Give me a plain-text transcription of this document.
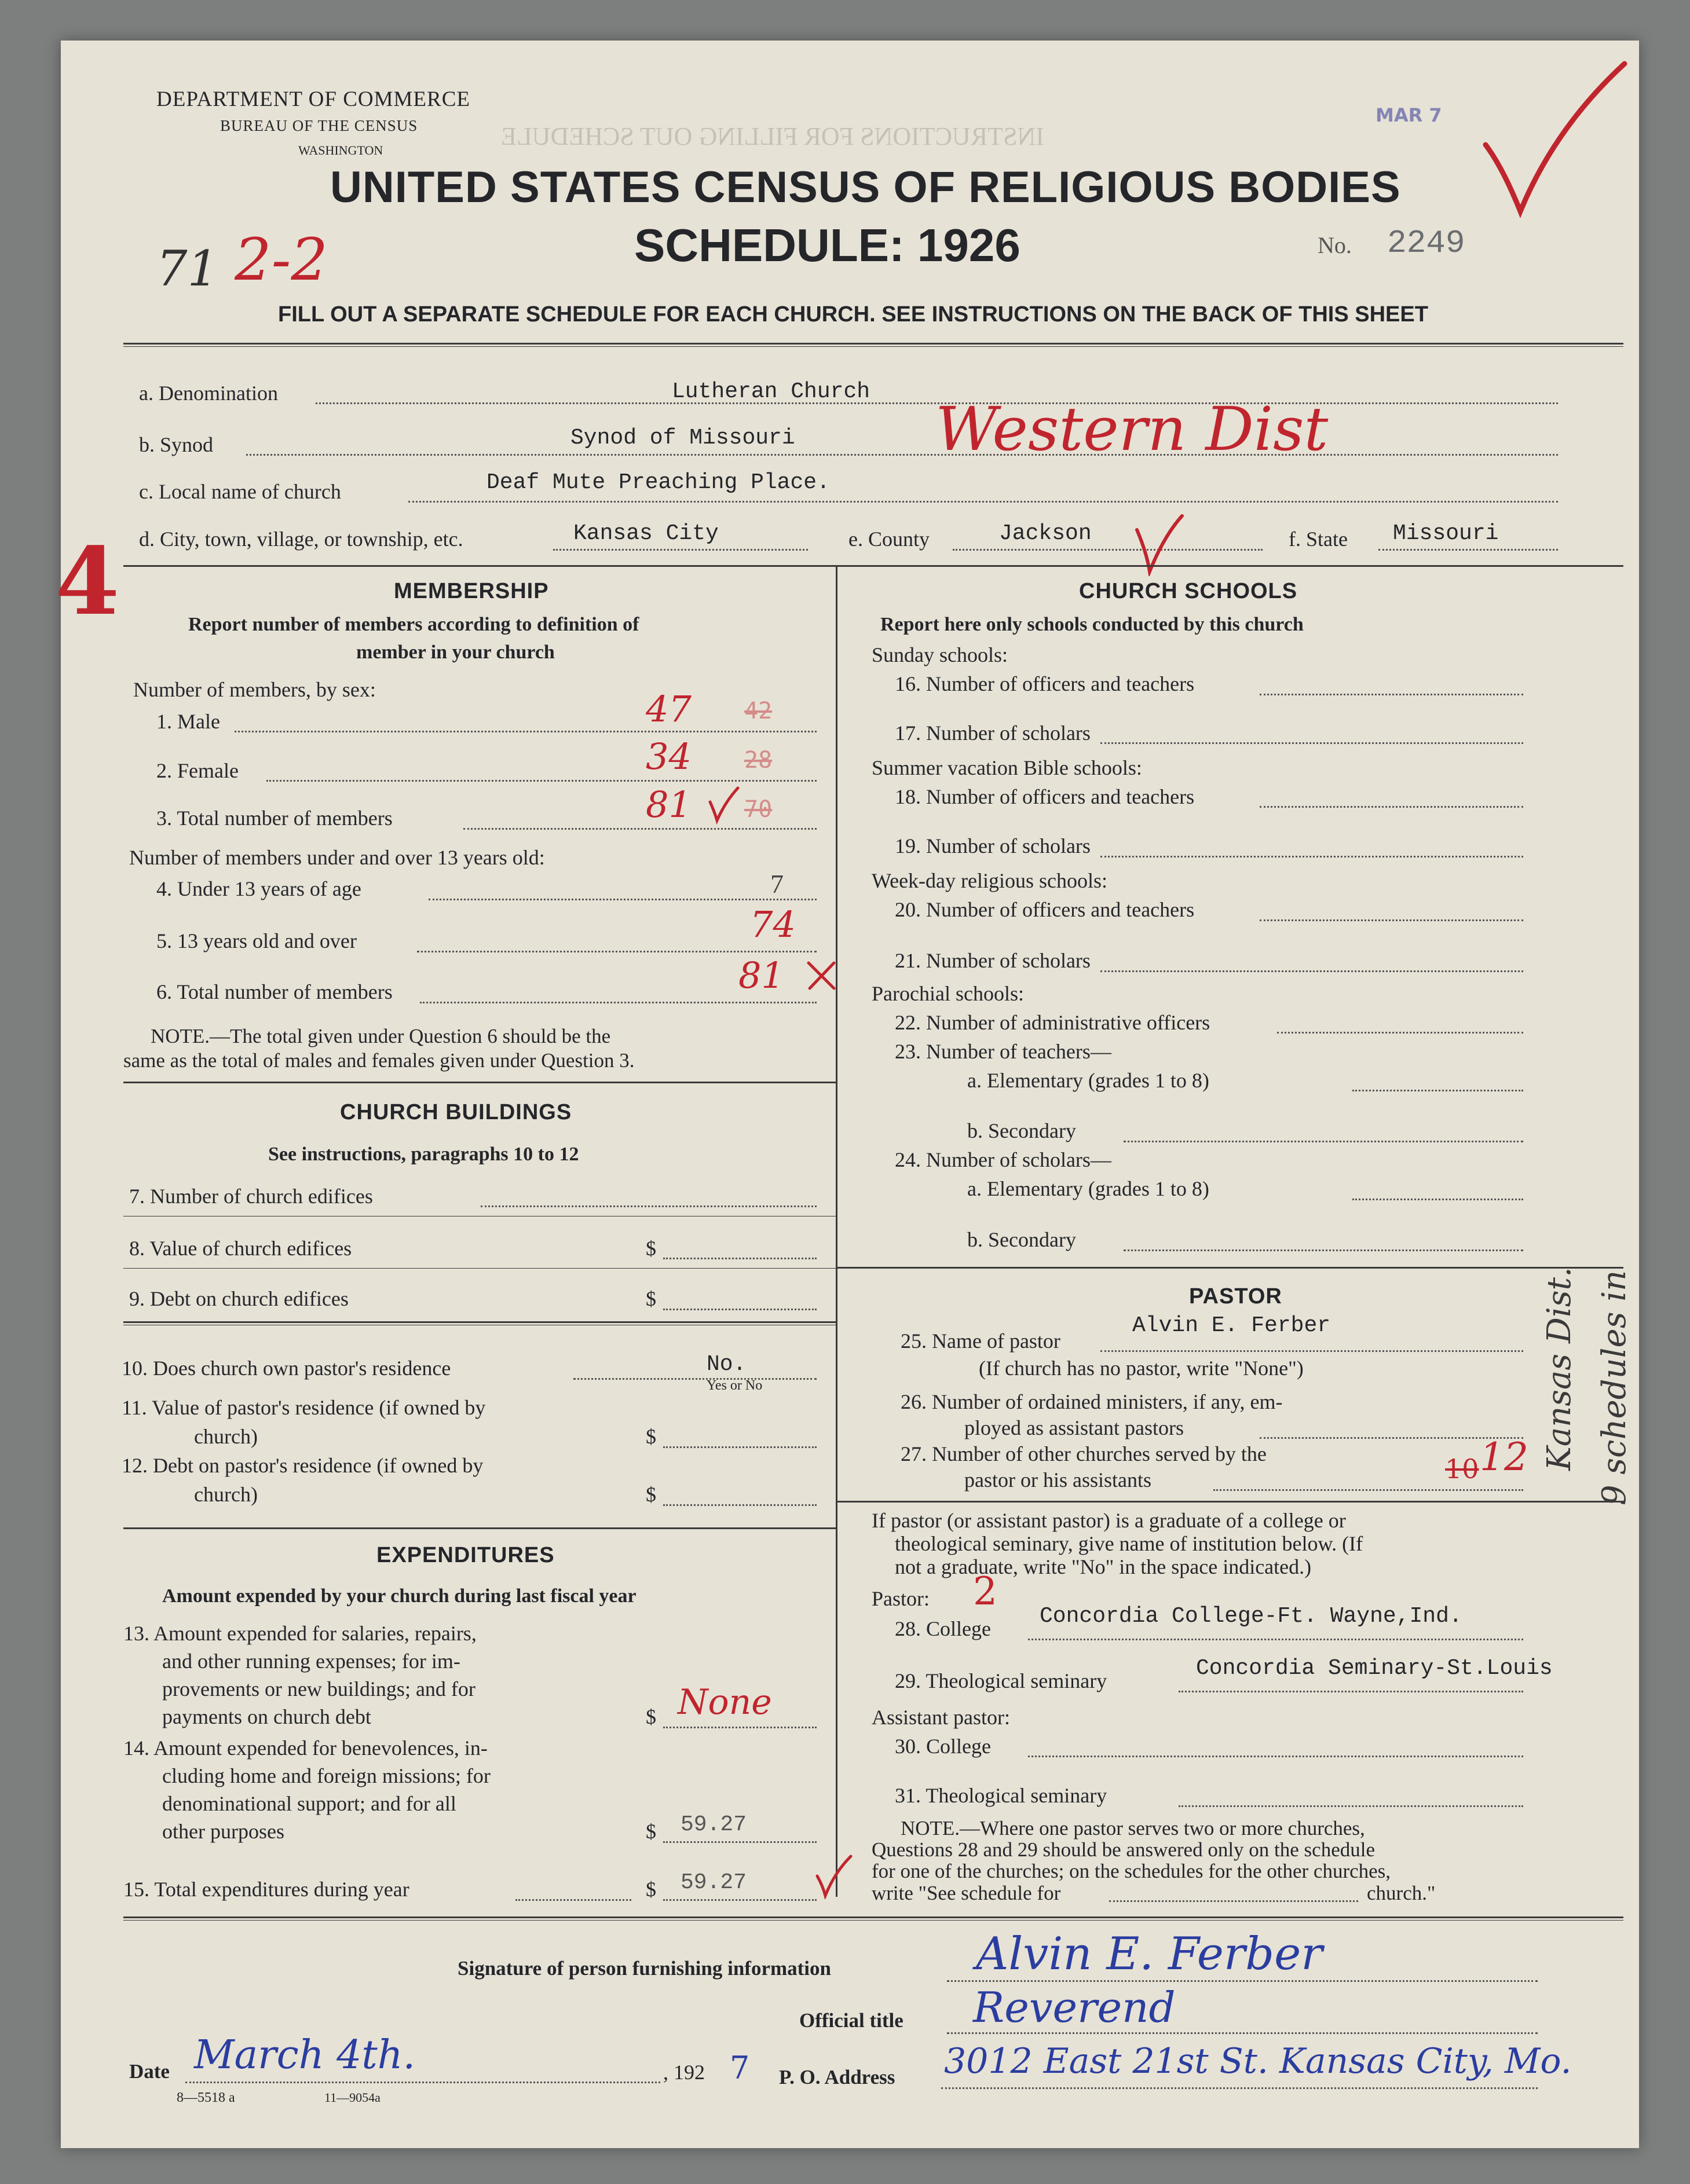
INSTRUCTIONS FOR FILLING OUT SCHEDULE
DEPARTMENT OF COMMERCE
BUREAU OF THE CENSUS
WASHINGTON
MAR 7
UNITED STATES CENSUS OF RELIGIOUS BODIES
SCHEDULE: 1926	No. 2249
71 2-2
4
FILL OUT A SEPARATE SCHEDULE FOR EACH CHURCH. SEE INSTRUCTIONS ON THE BACK OF THIS SHEET
a. Denomination	Lutheran Church
b. Synod	Synod of Missouri Western Dist
c. Local name of church	Deaf Mute Preaching Place.
d. City, town, village, or township, etc.	Kansas City	e. County	Jackson	f. State Missouri
MEMBERSHIP
Report number of members according to definition of
member in your church
Number of members, by sex:
1. Male	47 42
2. Female	34 28
3. Total number of members	81 70
Number of members under and over 13 years old:
4. Under 13 years of age	7
5. 13 years old and over	74
6. Total number of members	81
NOTE.—The total given under Question 6 should be the
same as the total of males and females given under Question 3.
CHURCH BUILDINGS
See instructions, paragraphs 10 to 12
7. Number of church edifices
8. Value of church edifices	$
9. Debt on church edifices	$
10. Does church own pastor's residence	No.
Yes or No
11. Value of pastor's residence (if owned by
church)	$
12. Debt on pastor's residence (if owned by
church)	$
EXPENDITURES
Amount expended by your church during last fiscal year
13. Amount expended for salaries, repairs,
and other running expenses; for im-
provements or new buildings; and for
payments on church debt	$ None
14. Amount expended for benevolences, in-
cluding home and foreign missions; for
denominational support; and for all
other purposes	$ 59.27
15. Total expenditures during year	$ 59.27
CHURCH SCHOOLS
Report here only schools conducted by this church
Sunday schools:
16. Number of officers and teachers
17. Number of scholars
Summer vacation Bible schools:
18. Number of officers and teachers
19. Number of scholars
Week-day religious schools:
20. Number of officers and teachers
21. Number of scholars
Parochial schools:
22. Number of administrative officers
23. Number of teachers—
a. Elementary (grades 1 to 8)
b. Secondary
24. Number of scholars—
a. Elementary (grades 1 to 8)
b. Secondary
PASTOR
25. Name of pastor
Alvin E. Ferber
(If church has no pastor, write "None")
26. Number of ordained ministers, if any, em-
ployed as assistant pastors
27. Number of other churches served by the
pastor or his assistants	10 12 9 schedules in
Kansas Dist.
If pastor (or assistant pastor) is a graduate of a college or
theological seminary, give name of institution below. (If
not a graduate, write "No" in the space indicated.)
Pastor: 2
28. College Concordia College-Ft. Wayne,Ind.
29. Theological seminary	Concordia Seminary-St.Louis
Assistant pastor:
30. College
31. Theological seminary
NOTE.—Where one pastor serves two or more churches,
Questions 28 and 29 should be answered only on the schedule
for one of the churches; on the schedules for the other churches,
write "See schedule for	church."
Signature of person furnishing information	Alvin E. Ferber
Official title Reverend
Date March 4th.	, 192 7 P. O. Address 3012 East 21st St. Kansas City, Mo.
8—5518 a	11—9054a
